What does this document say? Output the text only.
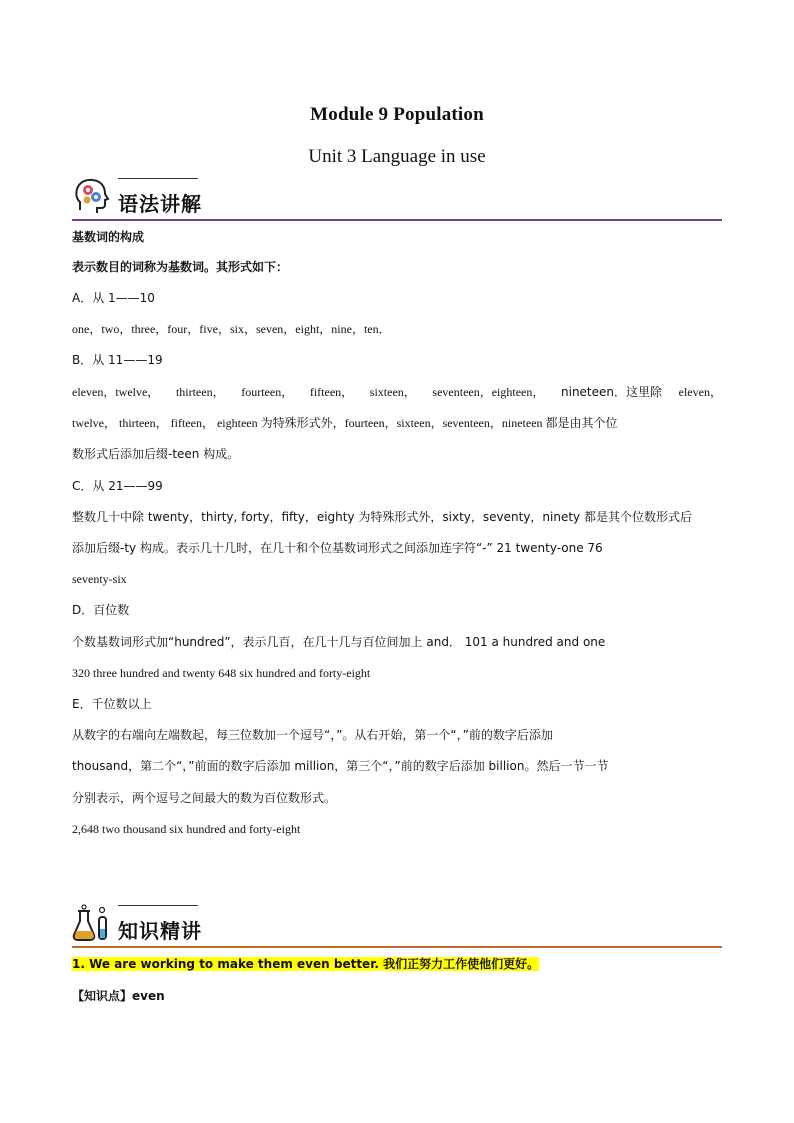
Module 9 Population
Unit 3 Language in use
语法讲解
基数词的构成
表示数目的词称为基数词。其形式如下：
A．从 1——10
one，two，three，four，five，six，seven，eight，nine，ten．
B．从 11——19
eleven，twelve， thirteen， fourteen， fifteen， sixteen， seventeen，eighteen， nineteen．这里除 eleven，
twelve， thirteen， fifteen， eighteen 为特殊形式外，fourteen，sixteen，seventeen，nineteen 都是由其个位
数形式后添加后缀-teen 构成。
C．从 21——99
整数几十中除 twenty，thirty, forty，fifty，eighty 为特殊形式外，sixty，seventy，ninety 都是其个位数形式后
添加后缀-ty 构成。表示几十几时，在几十和个位基数词形式之间添加连字符“-” 21 twenty-one 76
seventy-six
D．百位数
个数基数词形式加“hundred”，表示几百，在几十几与百位间加上 and． 101 a hundred and one
320 three hundred and twenty 648 six hundred and forty-eight
E．千位数以上
从数字的右端向左端数起，每三位数加一个逗号“，”。从右开始，第一个“，”前的数字后添加
thousand，第二个“，”前面的数字后添加 million，第三个“，”前的数字后添加 billion。然后一节一节
分别表示，两个逗号之间最大的数为百位数形式。
2,648 two thousand six hundred and forty-eight
知识精讲
1. We are working to make them even better. 我们正努力工作使他们更好。
【知识点】even
